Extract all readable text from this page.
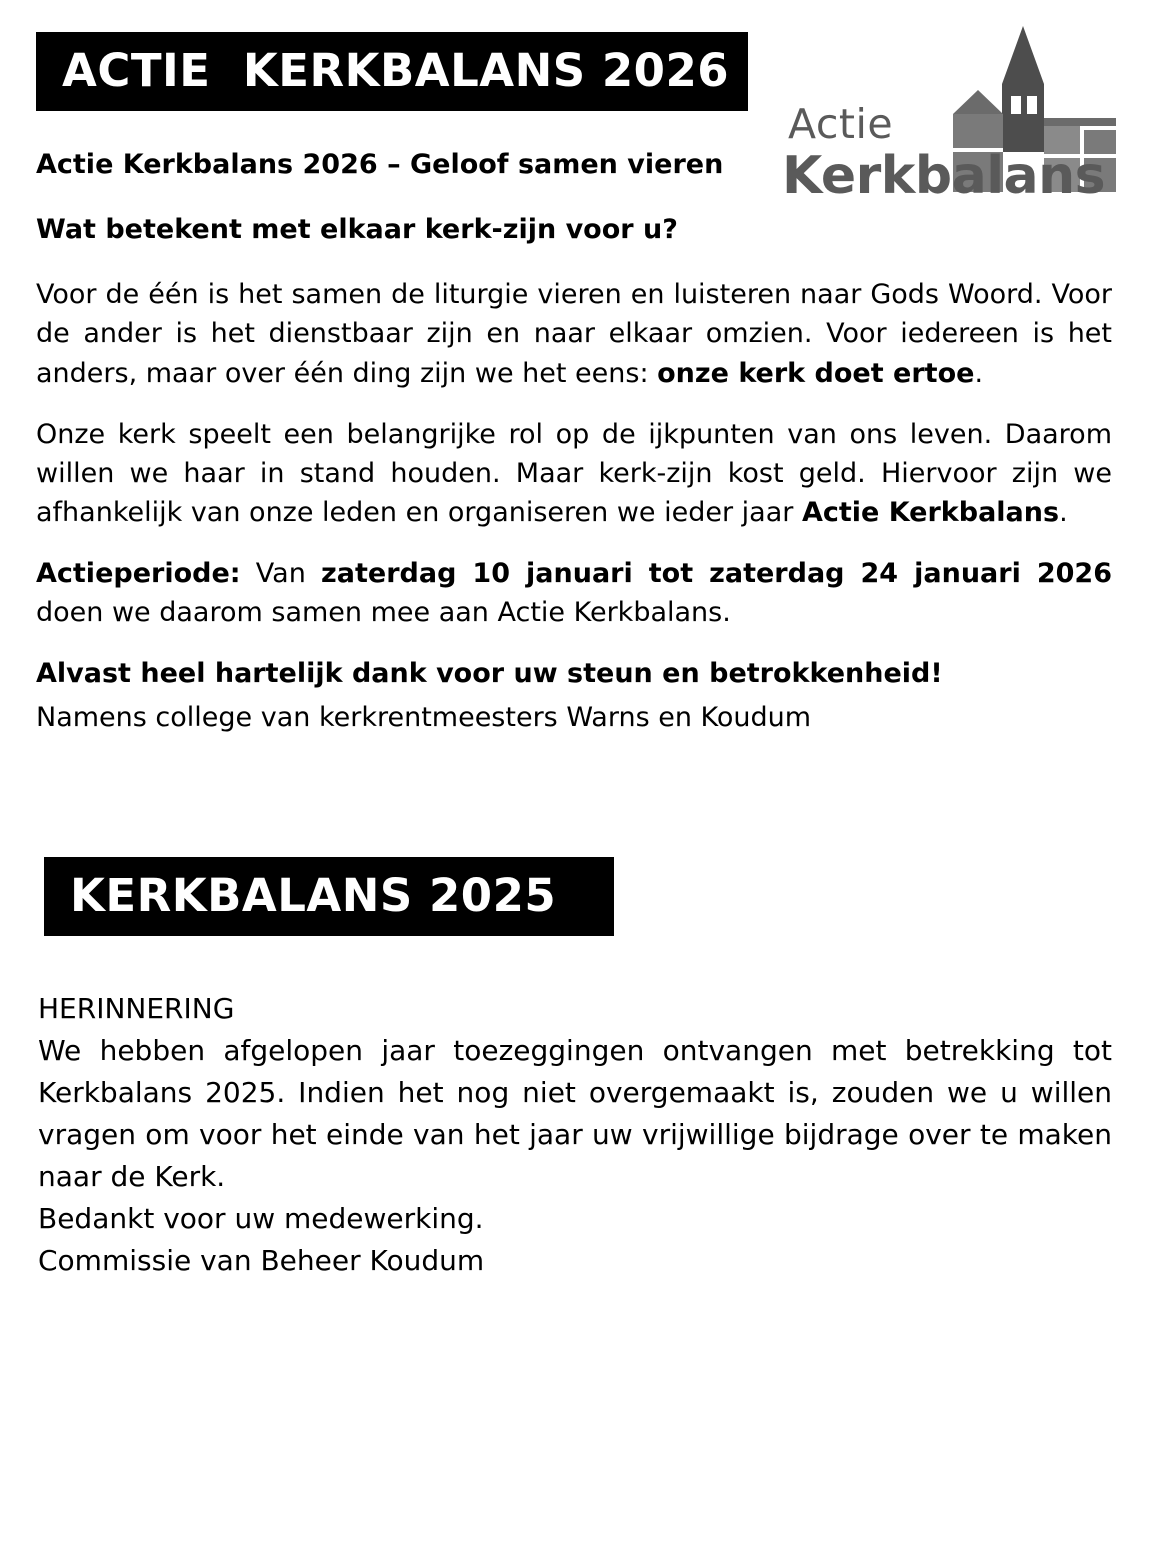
Actie
Kerkbalans
ACTIE  KERKBALANS 2026

Actie Kerkbalans 2026 – Geloof samen vieren

Wat betekent met elkaar kerk-zijn voor u?

Voor de één is het samen de liturgie vieren en luisteren naar Gods Woord. Voor de ander is het dienstbaar zijn en naar elkaar omzien. Voor iedereen is het anders, maar over één ding zijn we het eens: onze kerk doet ertoe.

Onze kerk speelt een belangrijke rol op de ijkpunten van ons leven. Daarom willen we haar in stand houden. Maar kerk-zijn kost geld. Hiervoor zijn we afhankelijk van onze leden en organiseren we ieder jaar Actie Kerkbalans.

Actieperiode: Van zaterdag 10 januari tot zaterdag 24 januari 2026 doen we daarom samen mee aan Actie Kerkbalans.

Alvast heel hartelijk dank voor uw steun en betrokkenheid!

Namens college van kerkrentmeesters Warns en Koudum

KERKBALANS 2025

HERINNERING

We hebben afgelopen jaar toezeggingen ontvangen met betrekking tot Kerkbalans 2025. Indien het nog niet overgemaakt is, zouden we u willen vragen om voor het einde van het jaar uw vrijwillige bijdrage over te maken naar de Kerk.

Bedankt voor uw medewerking.

Commissie van Beheer Koudum
